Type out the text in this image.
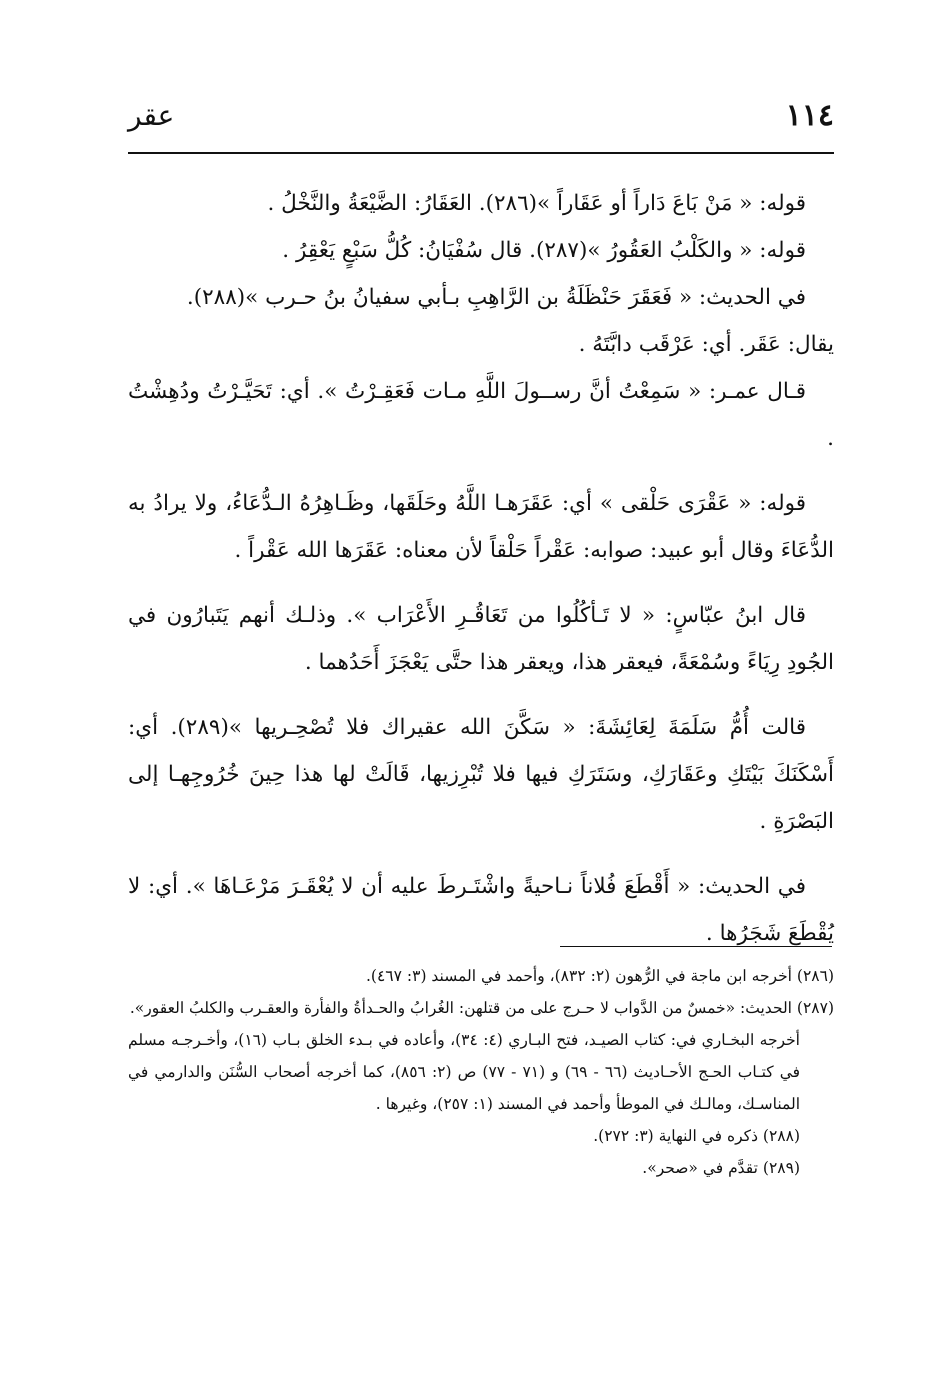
١١٤
عقر

قوله: « مَنْ بَاعَ دَاراً أو عَقَاراً »(٢٨٦). العَقَارُ: الضَّيْعَةُ والنَّخْلُ .

قوله: « والكَلْبُ العَقُورُ »(٢٨٧). قال سُفْيَانُ: كُلُّ سَبْعٍ يَعْقِرُ .

في الحديث: « فَعَقَرَ حَنْظَلَةُ بن الرَّاهِبِ بـأبي سفيانُ بنُ حـرب »(٢٨٨).

يقال: عَقَر. أي: عَرْقَب دابَّتَهُ .

قـال عمـر: « سَمِعْتُ أنَّ رســولَ اللَّهِ مـات فَعَقِـرْتُ ». أي: تَحَيَّـرْتُ ودُهِشْتُ .

قوله: « عَقْرَى حَلْقى » أي: عَقَرَهـا اللَّهُ وحَلَقَها، وظَـاهِرُهُ الـدُّعَاءُ، ولا يرادُ به الدُّعَاءَ وقال أبو عبيد: صوابه: عَقْراً حَلْقاً لأن معناه: عَقَرَها الله عَقْراً .

قال ابنُ عبّاسٍ: « لا تَـأكُلُوا من تَعَاقُـرِ الأَعْرَاب ». وذلـك أنهم يَتَبارُون في الجُودِ رِيَاءً وسُمْعَةً، فيعقر هذا، ويعقر هذا حتَّى يَعْجَزَ أَحَدُهما .

قالت أُمُّ سَلَمَةَ لِعَائِشَةَ: « سَكَّنَ الله عقيراك فلا تُصْحِـريها »(٢٨٩). أي: أَسْكَنَكَ بَيْتَكِ وعَقَارَكِ، وسَتَرَكِ فيها فلا تُبْرِزيها، قَالَتْ لها هذا حِينَ خُرُوجِهـا إلى البَصْرَةِ .

في الحديث: « أَقْطَعَ فُلاناً نـاحيةً واشْتَـرطَ عليه أن لا يُعْقَـرَ مَرْعَـاهَا ». أي: لا يُقْطَعَ شَجَرُها .

(٢٨٦) أخرجه ابن ماجة في الرُّهون (٢: ٨٣٢)، وأحمد في المسند (٣: ٤٦٧).

(٢٨٧) الحديث: «خمسٌ من الدَّواب لا حـرج على من قتلهن: الغُرابُ والحـدأةُ والفأرة والعقـرب والكلبُ العقور».

أخرجه البخـاري في: كتاب الصيـد، فتح البـاري (٤: ٣٤)، وأعاده في بـدء الخلق بـاب (١٦)، وأخـرجـه مسلم في كتـاب الحـج الأحـاديث (٦٦ - ٦٩) و (٧١ - ٧٧) ص (٢: ٨٥٦)، كما أخرجه أصحاب السُّنَن والدارمي في المناسـك، ومالـك في الموطأ وأحمد في المسند (١: ٢٥٧)، وغيرها .

(٢٨٨) ذكره في النهاية (٣: ٢٧٢).

(٢٨٩) تقدَّم في «صحر».
